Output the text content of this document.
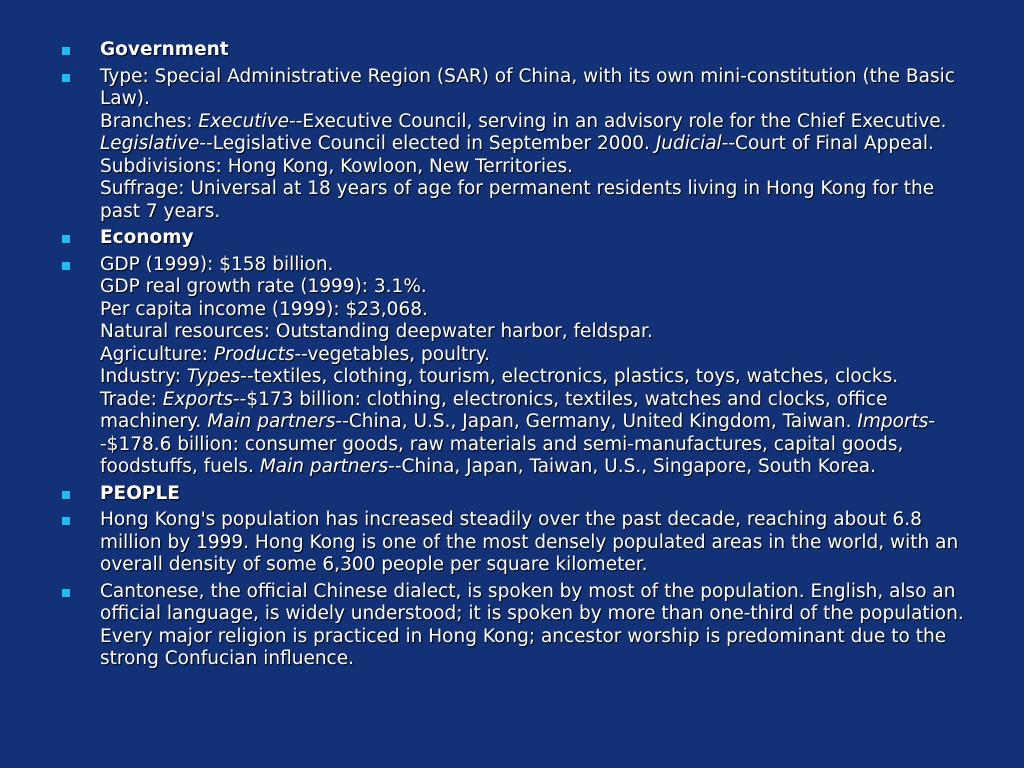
Government
Type: Special Administrative Region (SAR) of China, with its own mini-constitution (the Basic Law).
Branches: Executive--Executive Council, serving in an advisory role for the Chief Executive. Legislative--Legislative Council elected in September 2000. Judicial--Court of Final Appeal.
Subdivisions: Hong Kong, Kowloon, New Territories.
Suffrage: Universal at 18 years of age for permanent residents living in Hong Kong for the past 7 years.
Economy
GDP (1999): $158 billion.
GDP real growth rate (1999): 3.1%.
Per capita income (1999): $23,068.
Natural resources: Outstanding deepwater harbor, feldspar.
Agriculture: Products--vegetables, poultry.
Industry: Types--textiles, clothing, tourism, electronics, plastics, toys, watches, clocks.
Trade: Exports--$173 billion: clothing, electronics, textiles, watches and clocks, office machinery. Main partners--China, U.S., Japan, Germany, United Kingdom, Taiwan. Imports--$178.6 billion: consumer goods, raw materials and semi-manufactures, capital goods, foodstuffs, fuels. Main partners--China, Japan, Taiwan, U.S., Singapore, South Korea.
PEOPLE
Hong Kong's population has increased steadily over the past decade, reaching about 6.8 million by 1999. Hong Kong is one of the most densely populated areas in the world, with an overall density of some 6,300 people per square kilometer.
Cantonese, the official Chinese dialect, is spoken by most of the population. English, also an official language, is widely understood; it is spoken by more than one-third of the population. Every major religion is practiced in Hong Kong; ancestor worship is predominant due to the strong Confucian influence.
